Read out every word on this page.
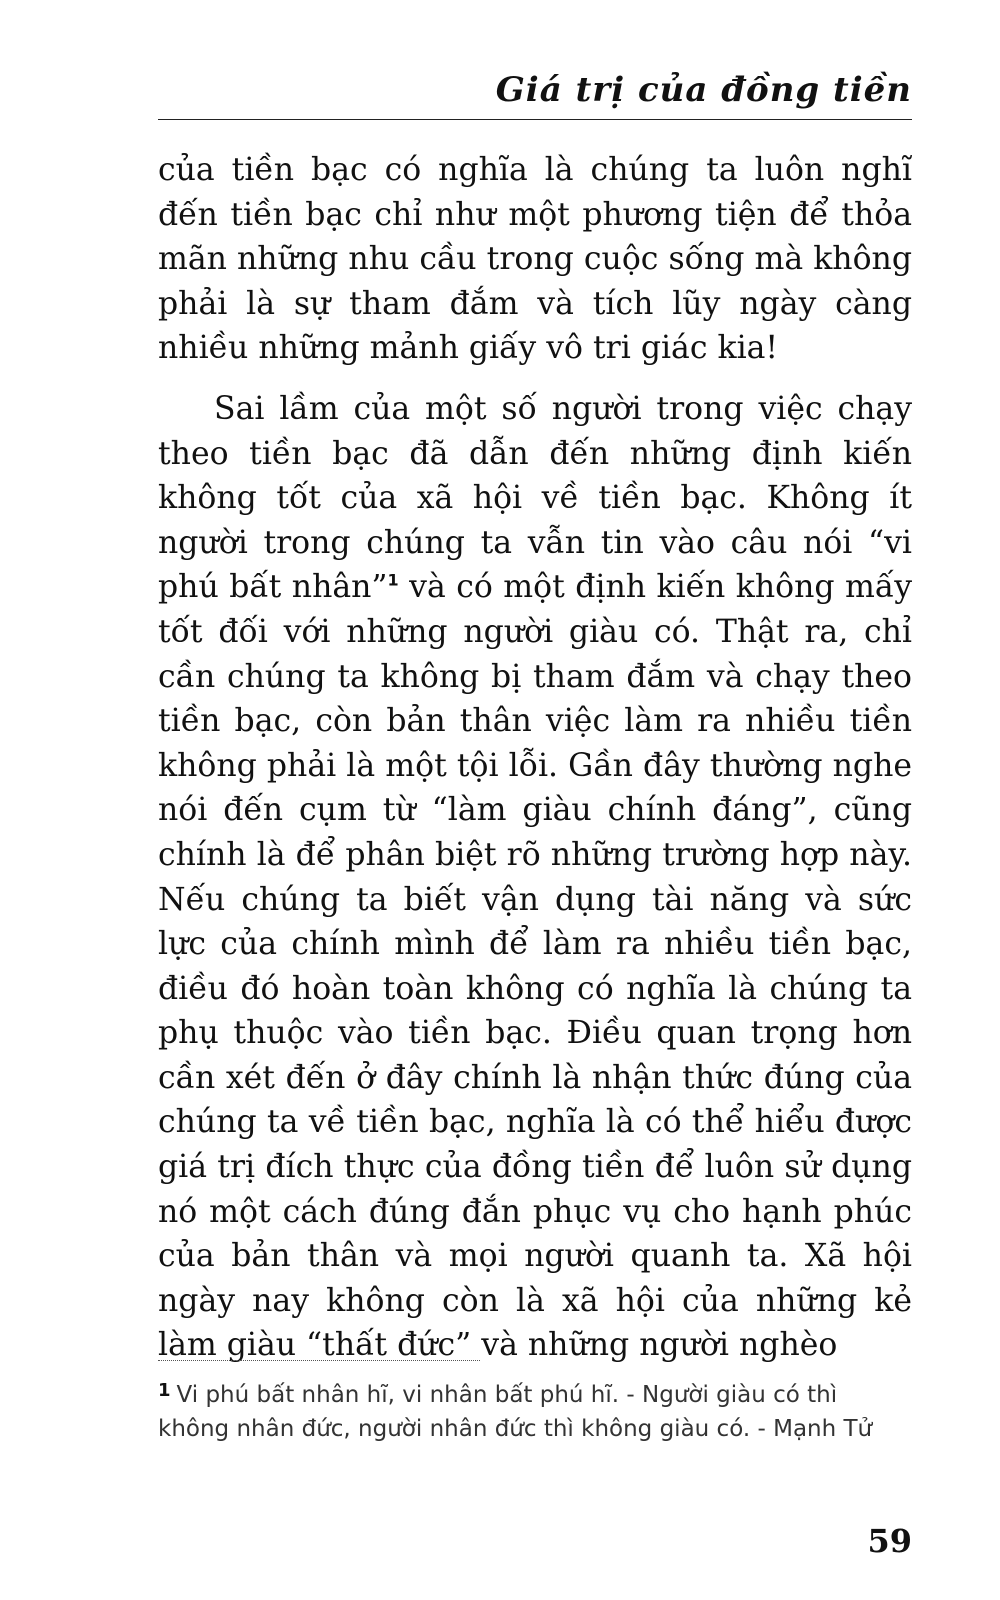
Giá trị của đồng tiền

của tiền bạc có nghĩa là chúng ta luôn nghĩ đến tiền bạc chỉ như một phương tiện để thỏa mãn những nhu cầu trong cuộc sống mà không phải là sự tham đắm và tích lũy ngày càng nhiều những mảnh giấy vô tri giác kia!

Sai lầm của một số người trong việc chạy theo tiền bạc đã dẫn đến những định kiến không tốt của xã hội về tiền bạc. Không ít người trong chúng ta vẫn tin vào câu nói “vi phú bất nhân”$^1$ và có một định kiến không mấy tốt đối với những người giàu có. Thật ra, chỉ cần chúng ta không bị tham đắm và chạy theo tiền bạc, còn bản thân việc làm ra nhiều tiền không phải là một tội lỗi. Gần đây thường nghe nói đến cụm từ “làm giàu chính đáng”, cũng chính là để phân biệt rõ những trường hợp này. Nếu chúng ta biết vận dụng tài năng và sức lực của chính mình để làm ra nhiều tiền bạc, điều đó hoàn toàn không có nghĩa là chúng ta phụ thuộc vào tiền bạc. Điều quan trọng hơn cần xét đến ở đây chính là nhận thức đúng của chúng ta về tiền bạc, nghĩa là có thể hiểu được giá trị đích thực của đồng tiền để luôn sử dụng nó một cách đúng đắn phục vụ cho hạnh phúc của bản thân và mọi người quanh ta. Xã hội ngày nay không còn là xã hội của những kẻ làm giàu “thất đức” và những người nghèo

$^1$ Vi phú bất nhân hĩ, vi nhân bất phú hĩ. - Người giàu có thì không nhân đức, người nhân đức thì không giàu có. - Mạnh Tử
59
